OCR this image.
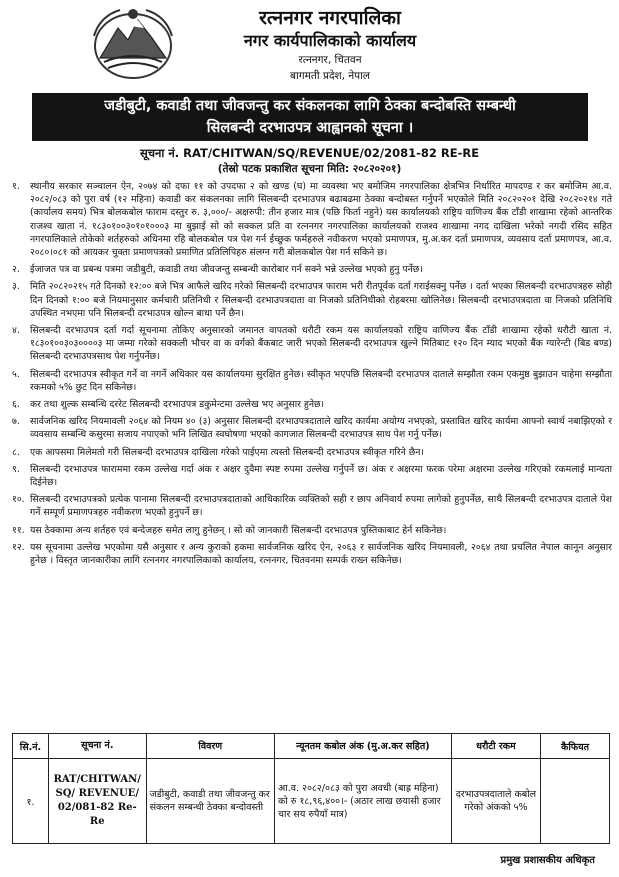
रत्ननगर नगरपालिका
नगर कार्यपालिकाको कार्यालय
रत्ननगर, चितवन
बागमती प्रदेश, नेपाल
जडीबुटी, कवाडी तथा जीवजन्तु कर संकलनका लागि ठेक्का बन्दोबस्ति सम्बन्धी
सिलबन्दी दरभाउपत्र आह्वानको सूचना ।
सूचना नं. RAT/CHITWAN/SQ/REVENUE/02/2081-82 RE-RE
(तेस्रो पटक प्रकाशित सूचना मिति: २०८२०२०१)
१.	स्थानीय सरकार सञ्चालन ऐन, २०७४ को दफा ११ को उपदफा २ को खण्ड (घ) मा व्यवस्था भए बमोजिम नगरपालिका क्षेत्रभित्र निर्धारित मापदण्ड र कर बमोजिम आ.व. २०८२/०८३ को पुरा वर्ष (१२ महिना) कवाडी कर संकलनका लागि सिलबन्दी दरभाउपत्र बढाबढमा ठेक्का बन्दोबस्त गर्नुपर्ने भएकोले मिति २०८२०२०१ देखि २०८२०२१४ गते (कार्यालय समय) भित्र बोलकबोल फाराम दस्तुर रु. ३,०००/- अक्षरुपी: तीन हजार मात्र (पछि फिर्ता नहुने) यस कार्यालयको राष्ट्रिय वाणिज्य बैंक टाँडी शाखामा रहेको आन्तरिक राजश्व खाता नं. १८३०१००३०१०१०००३ मा बुझाई सो को सक्कल प्रति वा रत्ननगर नगरपालिका कार्यालयको राजश्व शाखामा नगद दाखिला भरेको नगदी रसिद सहित नगरपालिकाले तोकेको शर्तहरुको अधिनमा रहि बोलकबोल पत्र पेश गर्न ईच्छुक फर्महरुले नवीकरण भएको प्रमाणपत्र, मु.अ.कर दर्ता प्रमाणपत्र, व्यवसाय दर्ता प्रमाणपत्र, आ.व. २०८०।०८१ को आयकर चुक्ता प्रमाणपत्रको प्रमाणित प्रतिलिपिहरु संलग्न गरी बोलकबोल पेश गर्न सकिने छ।
२.	ईजाजत पत्र वा प्रबन्ध पत्रमा जडीबुटी, कवाडी तथा जीवजन्तु सम्बन्धी कारोबार गर्न सक्ने भन्ने उल्लेख भएको हुनु पर्नेछ।
३.	मिति २०८२०२१५ गते दिनको १२:०० बजे भित्र आफैले खरिद गरेको सिलबन्दी दरभाउपत्र फाराम भरी रीतपूर्वक दर्ता गराईसक्नु पर्नेछ । दर्ता भएका सिलबन्दी दरभाउपत्रहरु सोही दिन दिनको १:०० बजे नियमानुसार कर्मचारी प्रतिनिधी र सिलबन्दी दरभाउपत्रदाता वा निजको प्रतिनिधीको रोहबरमा खोलिनेछ। सिलबन्दी दरभाउपत्रदाता वा निजको प्रतिनिधि उपस्थित नभएमा पनि सिलबन्दी दरभाउपत्र खोल्न बाधा पर्ने छैन।
४.	सिलबन्दी दरभाउपत्र दर्ता गर्दा सूचनामा तोकिए अनुसारको जमानत वापतको धरौटी रकम यस कार्यालयको राष्ट्रिय वाणिज्य बैंक टाँडी शाखामा रहेको धरौटी खाता नं. १८३०१००३०३००००३ मा जम्मा गरेको सक्कली भौचर वा क वर्गको बैंकबाट जारी भएको सिलबन्दी दरभाउपत्र खुल्ने मितिबाट १२० दिन म्याद भएको बैंक ग्यारेन्टी (बिड बण्ड) सिलबन्दी दरभाउपत्रसाथ पेश गर्नुपर्नेछ।
५.	सिलबन्दी दरभाउपत्र स्वीकृत गर्ने वा नगर्ने अधिकार यस कार्यालयमा सुरक्षित हुनेछ। स्वीकृत भएपछि सिलबन्दी दरभाउपत्र दाताले सम्झौता रकम एकमुष्ठ बुझाउन चाहेमा सम्झौता रकमको ५% छुट दिन सकिनेछ।
६.	कर तथा शुल्क सम्बन्धि दररेट सिलबन्दी दरभाउपत्र डकुमेन्टमा उल्लेख भए अनुसार हुनेछ।
७.	सार्वजनिक खरिद नियमावली २०६४ को नियम ४० (३) अनुसार सिलबन्दी दरभाउपत्रदाताले खरिद कार्यमा अयोग्य नभएको, प्रस्तावित खरिद कार्यमा आफ्नो स्वार्थ नबाझिएको र व्यवसाय सम्बन्धि कसुरमा सजाय नपाएको भनि लिखित स्वघोषणा भएको कागजात सिलबन्दी दरभाउपत्र साथ पेश गर्नु पर्नेछ।
८.	एक आपसमा मिलेमतो गरी सिलबन्दी दरभाउपत्र दाखिला गरेको पाईएमा त्यस्तो सिलबन्दी दरभाउपत्र स्वीकृत गरिने छैन।
९.	सिलबन्दी दरभाउपत्र फाराममा रकम उल्लेख गर्दा अंक र अक्षर दुवैमा स्पष्ट रुपमा उल्लेख गर्नुपर्ने छ। अंक र अक्षरमा फरक परेमा अक्षरमा उल्लेख गरिएको रकमलाई मान्यता दिईनेछ।
१०. सिलबन्दी दरभाउपत्रको प्रत्येक पानामा सिलबन्दी दरभाउपत्रदाताको आधिकारिक व्यक्तिको सही र छाप अनिवार्य रुपमा लागेको हुनुपर्नेछ, साथै सिलबन्दी दरभाउपत्र दाताले पेश गर्ने सम्पूर्ण प्रमाणपत्रहरु नवीकरण भएको हुनुपर्ने छ।
११. यस ठेक्कामा अन्य शर्तहरु एवं बन्देजहरु समेत लागु हुनेछन् । सो को जानकारी सिलबन्दी दरभाउपत्र पुस्तिकाबाट हेर्न सकिनेछ।
१२. यस सूचनामा उल्लेख भएकोमा यसै अनुसार र अन्य कुराको हकमा सार्वजनिक खरिद ऐन, २०६३ र सार्वजनिक खरिद नियमावली, २०६४ तथा प्रचलित नेपाल कानून अनुसार हुनेछ । विस्तृत जानकारीका लागि रत्ननगर नगरपालिकाको कार्यालय, रत्ननगर, चितवनमा सम्पर्क राख्न सकिनेछ।
सि.नं.	सूचना नं.	विवरण	न्यूनतम कबोल अंक (मु.अ.कर सहित)	धरौटी रकम	कैफियत
१.	RAT/CHITWAN/ SQ/ REVENUE/ 02/081-82 Re-Re	जडीबुटी, कवाडी तथा जीवजन्तु कर संकलन सम्बन्धी ठेक्का बन्दोवस्ती	आ.व. २०८२/०८३ को पुरा अवधी (बाह्र महिना) को रु १८,९६,४००।- (अठार लाख छयासी हजार चार सय रुपैयाँ मात्र)	दरभाउपत्रदाताले कबोल गरेको अंकको ५%	
प्रमुख प्रशासकीय अधिकृत
